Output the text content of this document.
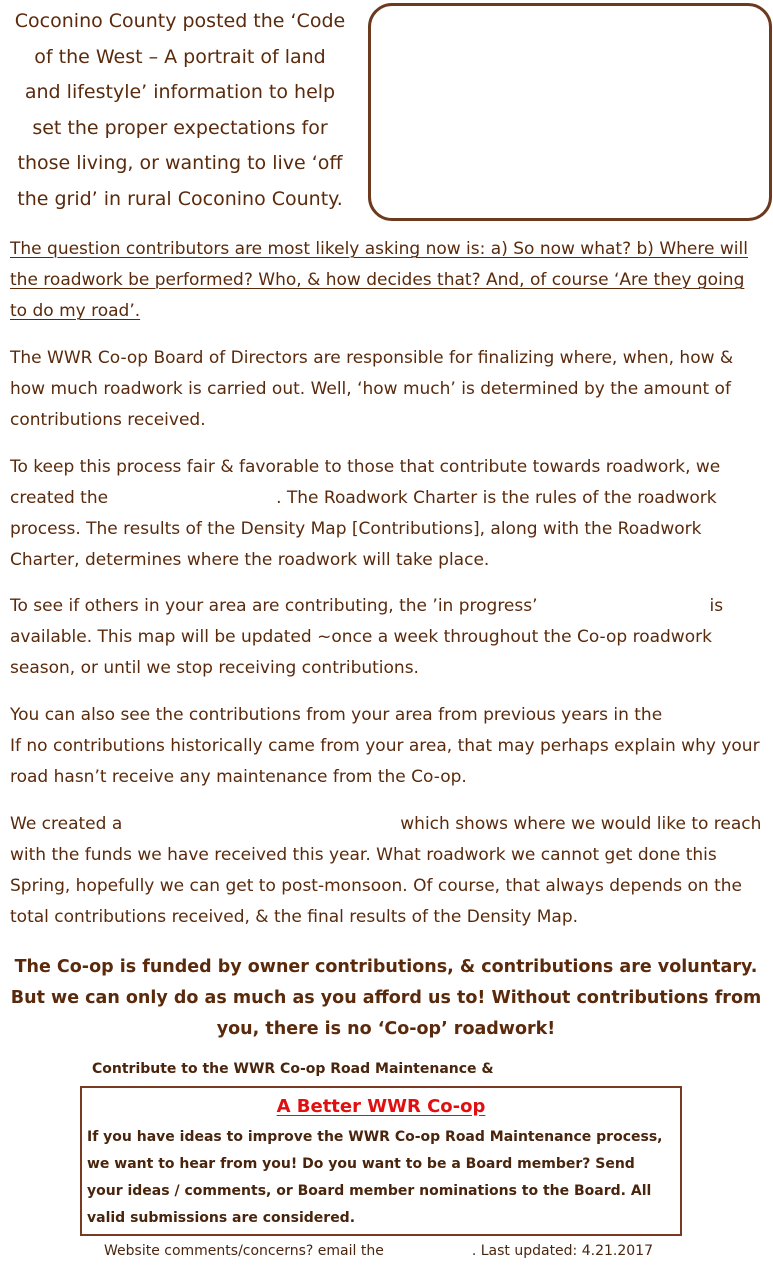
Coconino County posted the ‘Code
of the West – A portrait of land
and lifestyle’ information to help
set the proper expectations for
those living, or wanting to live ‘off
the grid’ in rural Coconino County.
The question contributors are most likely asking now is: a) So now what? b) Where will the roadwork be performed? Who, & how decides that? And, of course ‘Are they going to do my road’.
The WWR Co-op Board of Directors are responsible for finalizing where, when, how & how much roadwork is carried out. Well, ‘how much’ is determined by the amount of contributions received.
To keep this process fair & favorable to those that contribute towards roadwork, we created the	. The Roadwork Charter is the rules of the roadwork process. The results of the Density Map [Contributions], along with the Roadwork Charter, determines where the roadwork will take place.
To see if others in your area are contributing, the ’in progress’	is available. This map will be updated ~once a week throughout the Co-op roadwork season, or until we stop receiving contributions.
You can also see the contributions from your area from previous years in the
If no contributions historically came from your area, that may perhaps explain why your road hasn’t receive any maintenance from the Co-op.
We created a	which shows where we would like to reach with the funds we have received this year. What roadwork we cannot get done this Spring, hopefully we can get to post-monsoon. Of course, that always depends on the total contributions received, & the final results of the Density Map.
The Co-op is funded by owner contributions, & contributions are voluntary. But we can only do as much as you afford us to! Without contributions from you, there is no ‘Co-op’ roadwork!
Contribute to the WWR Co-op Road Maintenance &
A Better WWR Co-op
If you have ideas to improve the WWR Co-op Road Maintenance process, we want to hear from you! Do you want to be a Board member? Send your ideas / comments, or Board member nominations to the Board. All valid submissions are considered.
Website comments/concerns? email the	. Last updated: 4.21.2017
